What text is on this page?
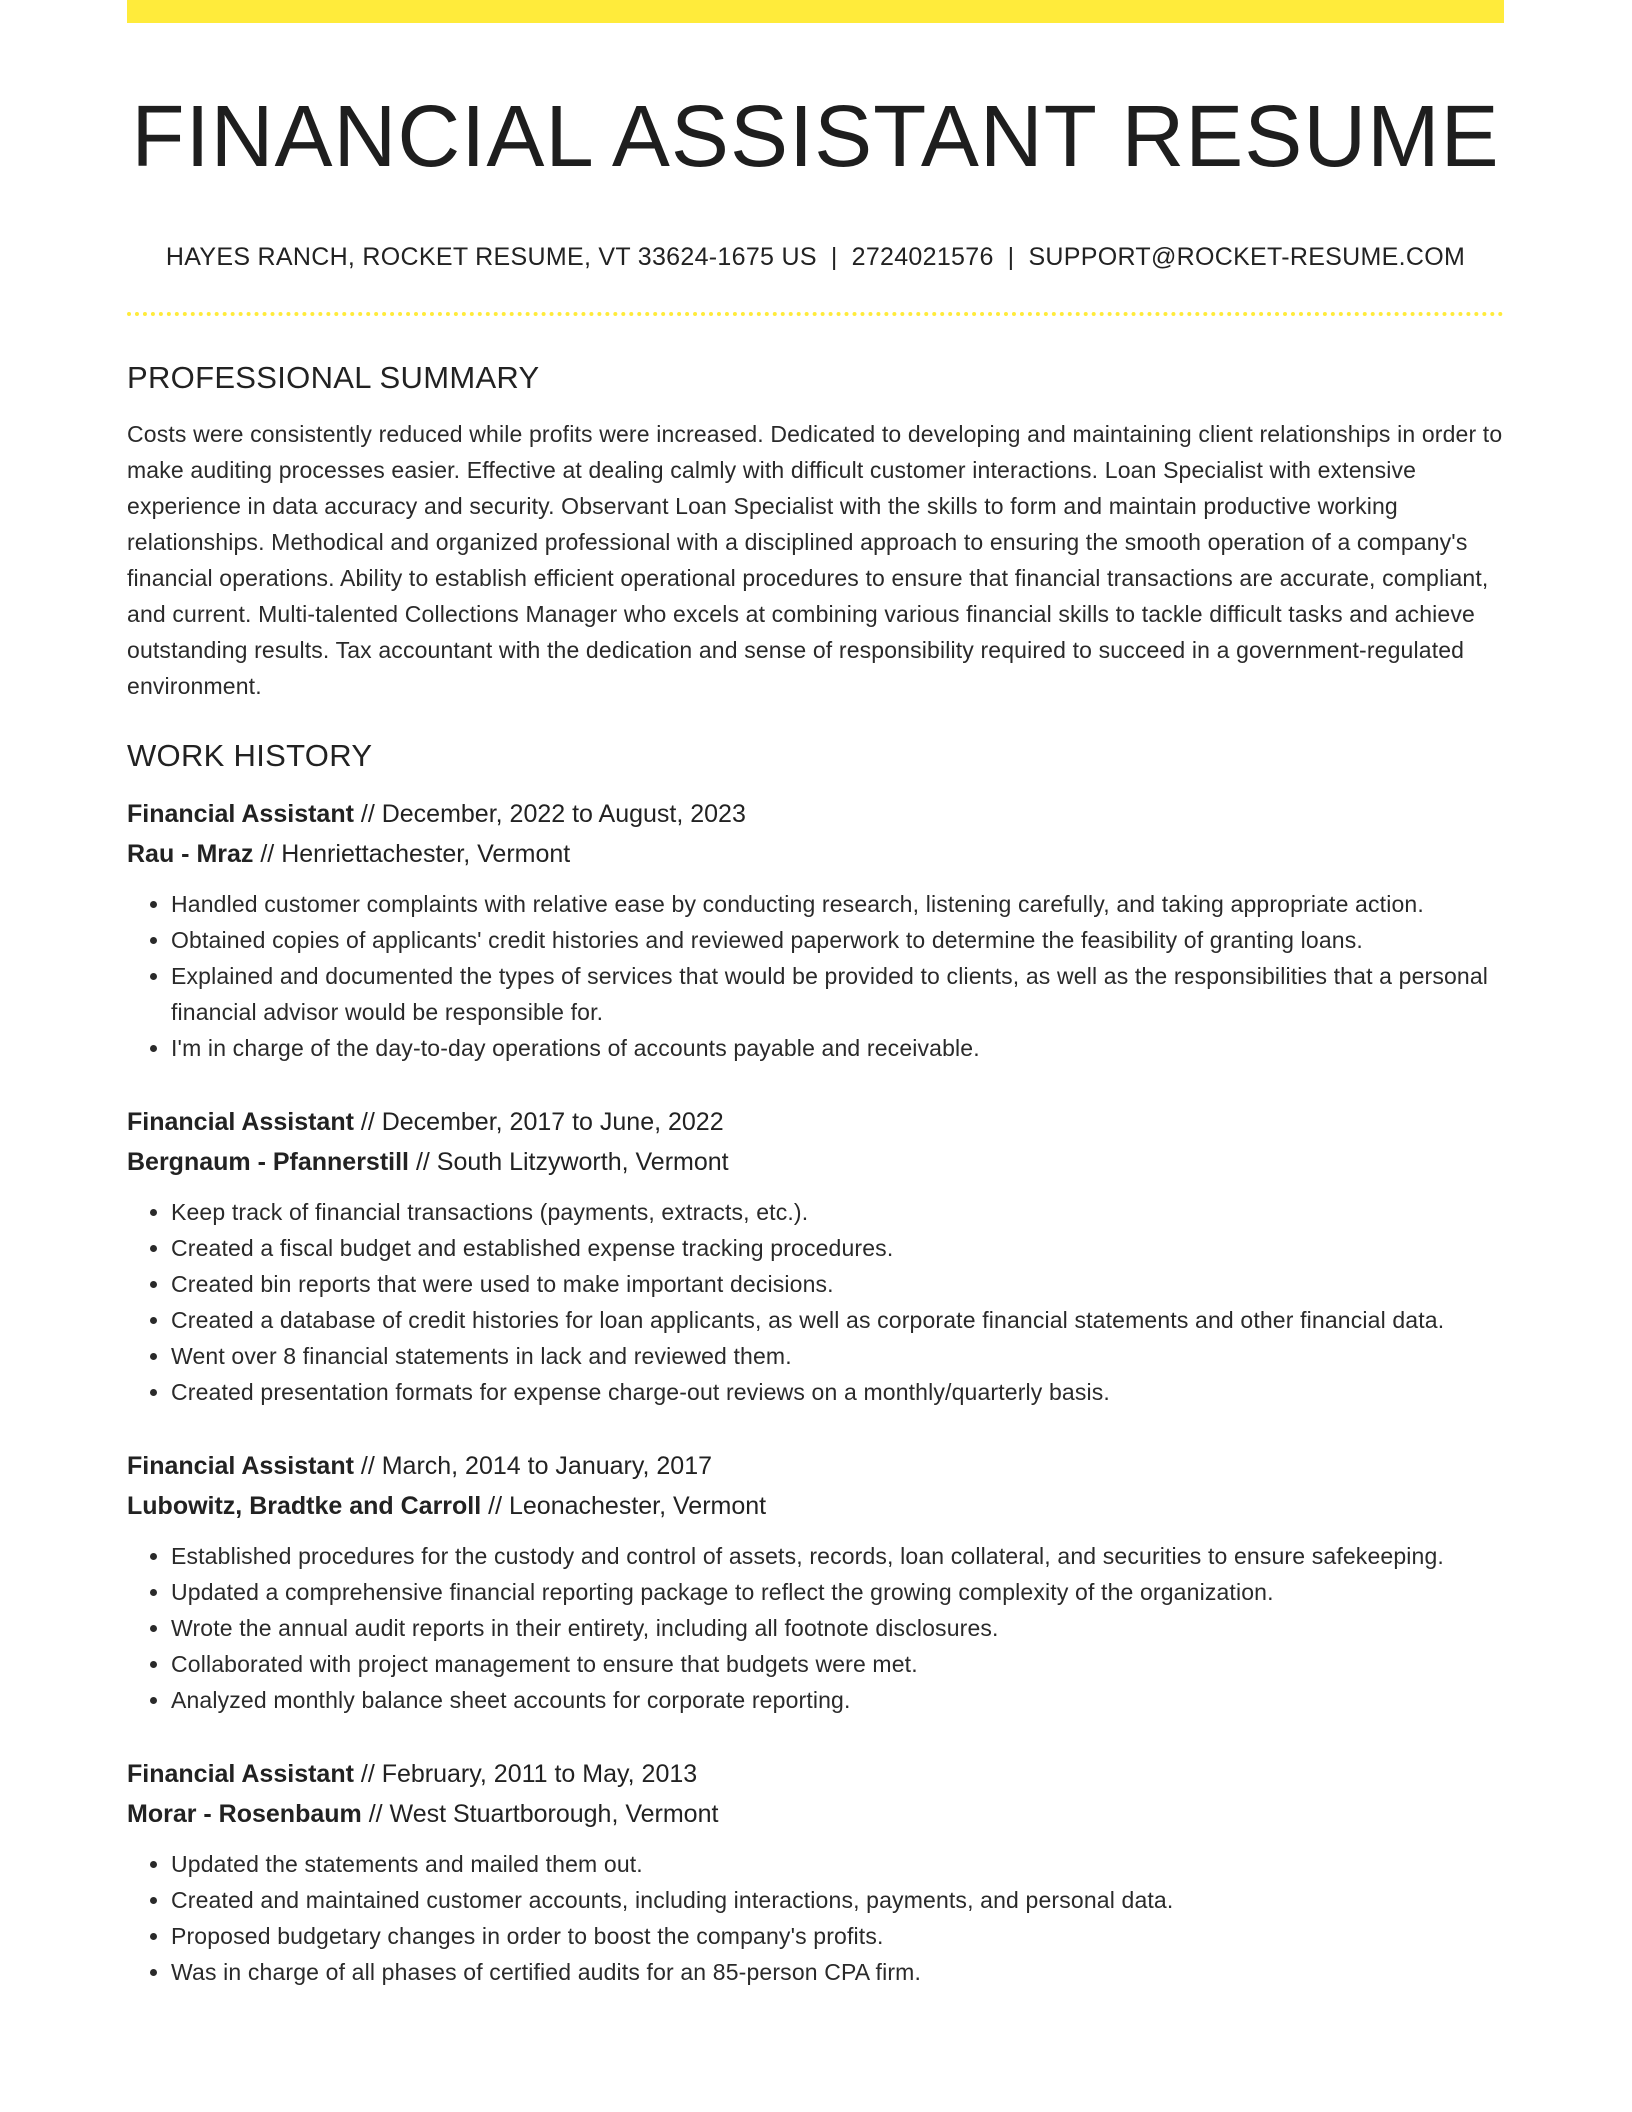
FINANCIAL ASSISTANT RESUME
HAYES RANCH, ROCKET RESUME, VT 33624-1675 US | 2724021576 | SUPPORT@ROCKET-RESUME.COM
PROFESSIONAL SUMMARY
Costs were consistently reduced while profits were increased. Dedicated to developing and maintaining client relationships in order to make auditing processes easier. Effective at dealing calmly with difficult customer interactions. Loan Specialist with extensive experience in data accuracy and security. Observant Loan Specialist with the skills to form and maintain productive working relationships. Methodical and organized professional with a disciplined approach to ensuring the smooth operation of a company's financial operations. Ability to establish efficient operational procedures to ensure that financial transactions are accurate, compliant, and current. Multi-talented Collections Manager who excels at combining various financial skills to tackle difficult tasks and achieve outstanding results. Tax accountant with the dedication and sense of responsibility required to succeed in a government-regulated environment.
WORK HISTORY
Financial Assistant // December, 2022 to August, 2023
Rau - Mraz // Henriettachester, Vermont
• Handled customer complaints with relative ease by conducting research, listening carefully, and taking appropriate action.
• Obtained copies of applicants' credit histories and reviewed paperwork to determine the feasibility of granting loans.
• Explained and documented the types of services that would be provided to clients, as well as the responsibilities that a personal financial advisor would be responsible for.
• I'm in charge of the day-to-day operations of accounts payable and receivable.
Financial Assistant // December, 2017 to June, 2022
Bergnaum - Pfannerstill // South Litzyworth, Vermont
• Keep track of financial transactions (payments, extracts, etc.).
• Created a fiscal budget and established expense tracking procedures.
• Created bin reports that were used to make important decisions.
• Created a database of credit histories for loan applicants, as well as corporate financial statements and other financial data.
• Went over 8 financial statements in lack and reviewed them.
• Created presentation formats for expense charge-out reviews on a monthly/quarterly basis.
Financial Assistant // March, 2014 to January, 2017
Lubowitz, Bradtke and Carroll // Leonachester, Vermont
• Established procedures for the custody and control of assets, records, loan collateral, and securities to ensure safekeeping.
• Updated a comprehensive financial reporting package to reflect the growing complexity of the organization.
• Wrote the annual audit reports in their entirety, including all footnote disclosures.
• Collaborated with project management to ensure that budgets were met.
• Analyzed monthly balance sheet accounts for corporate reporting.
Financial Assistant // February, 2011 to May, 2013
Morar - Rosenbaum // West Stuartborough, Vermont
• Updated the statements and mailed them out.
• Created and maintained customer accounts, including interactions, payments, and personal data.
• Proposed budgetary changes in order to boost the company's profits.
• Was in charge of all phases of certified audits for an 85-person CPA firm.
